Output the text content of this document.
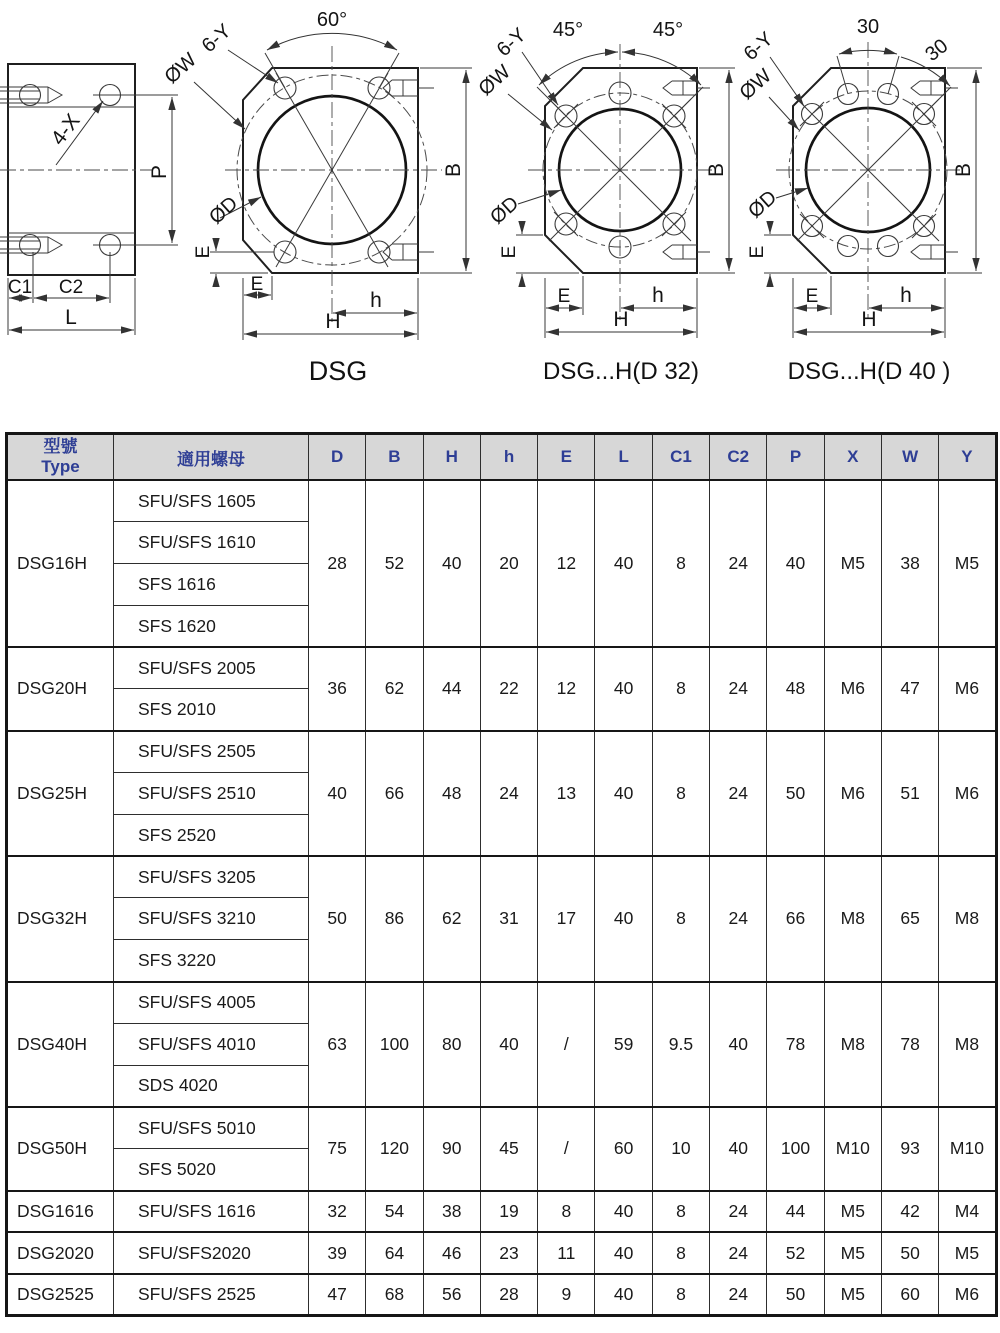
4-X
P
C1 C2
L
60°
6-Y
ØW
ØD
B
E
E
h
H
DSG
45°	45°
6-Y
ØW
ØD
B
E
E	h
H
DSG...H(D 32)
30
30
6-Y
ØW
ØD
B
E
E	h
H
DSG...H(D 40 )
型號
Type	適用螺母	D	B	H	h	E	L	C1	C2	P	X	W	Y
DSG16H	SFU/SFS 1605	28	52	40	20	12	40	8	24	40	M5	38	M5
	SFU/SFS 1610												
	SFS 1616												
	SFS 1620												
DSG20H	SFU/SFS 2005	36	62	44	22	12	40	8	24	48	M6	47	M6
	SFS 2010												
DSG25H	SFU/SFS 2505	40	66	48	24	13	40	8	24	50	M6	51	M6
	SFU/SFS 2510												
	SFS 2520												
DSG32H	SFU/SFS 3205	50	86	62	31	17	40	8	24	66	M8	65	M8
	SFU/SFS 3210												
	SFS 3220												
DSG40H	SFU/SFS 4005	63	100	80	40	/	59	9.5	40	78	M8	78	M8
	SFU/SFS 4010												
	SDS 4020												
DSG50H	SFU/SFS 5010	75	120	90	45	/	60	10	40	100	M10	93	M10
	SFS 5020												
DSG1616	SFU/SFS 1616	32	54	38	19	8	40	8	24	44	M5	42	M4
DSG2020	SFU/SFS2020	39	64	46	23	11	40	8	24	52	M5	50	M5
DSG2525	SFU/SFS 2525	47	68	56	28	9	40	8	24	50	M5	60	M6
